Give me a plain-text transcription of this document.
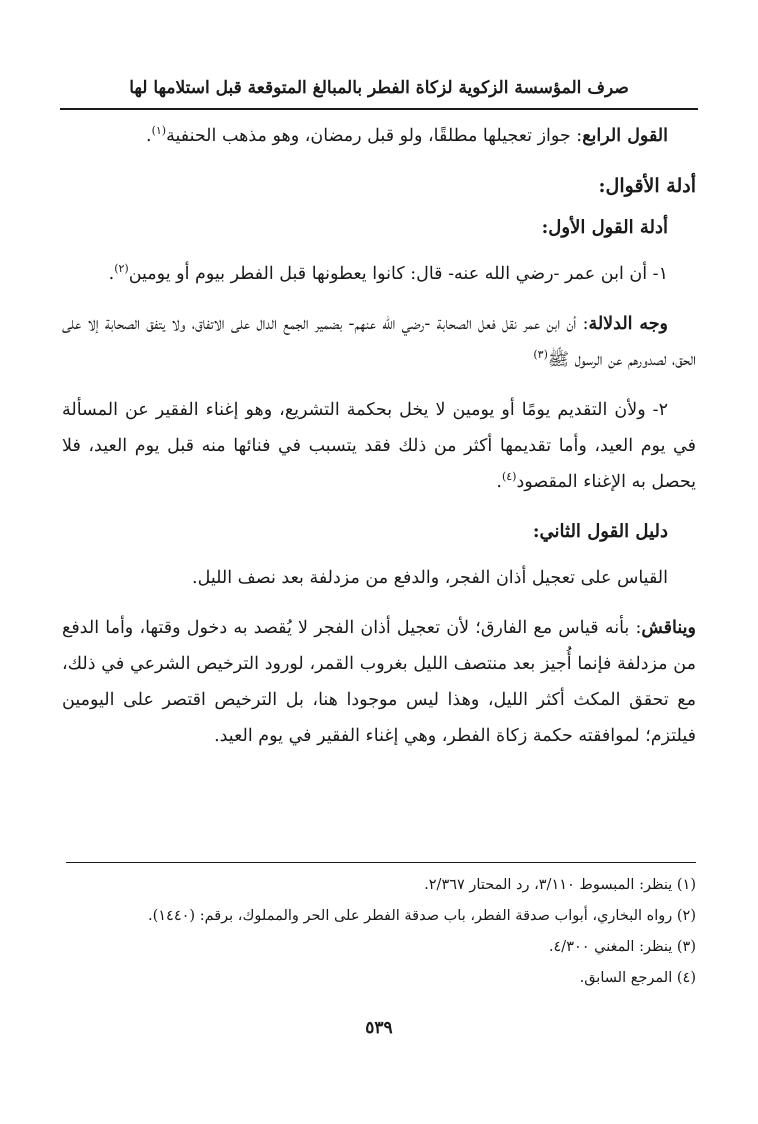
صرف المؤسسة الزكوية لزكاة الفطر بالمبالغ المتوقعة قبل استلامها لها

القول الرابع: جواز تعجيلها مطلقًا، ولو قبل رمضان، وهو مذهب الحنفية$^{(١)}$.

أدلة الأقوال:
أدلة القول الأول:

١- أن ابن عمر -رضي الله عنه- قال: كانوا يعطونها قبل الفطر بيوم أو يومين$^{(٢)}$.

وجه الدلالة: أن ابن عمر نقل فعل الصحابة -رضي الله عنهم- بضمير الجمع الدال على الاتفاق، ولا يتفق الصحابة إلا على الحق، لصدورهم عن الرسول ﷺ$^{(٣)}$

٢- ولأن التقديم يومًا أو يومين لا يخل بحكمة التشريع، وهو إغناء الفقير عن المسألة في يوم العيد، وأما تقديمها أكثر من ذلك فقد يتسبب في فنائها منه قبل يوم العيد، فلا يحصل به الإغناء المقصود$^{(٤)}$.

دليل القول الثاني:

القياس على تعجيل أذان الفجر، والدفع من مزدلفة بعد نصف الليل.

ويناقش: بأنه قياس مع الفارق؛ لأن تعجيل أذان الفجر لا يُقصد به دخول وقتها، وأما الدفع من مزدلفة فإنما أُجيز بعد منتصف الليل بغروب القمر، لورود الترخيص الشرعي في ذلك، مع تحقق المكث أكثر الليل، وهذا ليس موجودا هنا، بل الترخيص اقتصر على اليومين فيلتزم؛ لموافقته حكمة زكاة الفطر، وهي إغناء الفقير في يوم العيد.

(١) ينظر: المبسوط ٣/١١٠، رد المحتار ٢/٣٦٧.

(٢) رواه البخاري، أبواب صدقة الفطر، باب صدقة الفطر على الحر والمملوك، برقم: (١٤٤٠).

(٣) ينظر: المغني ٤/٣٠٠.

(٤) المرجع السابق.

٥٣٩
